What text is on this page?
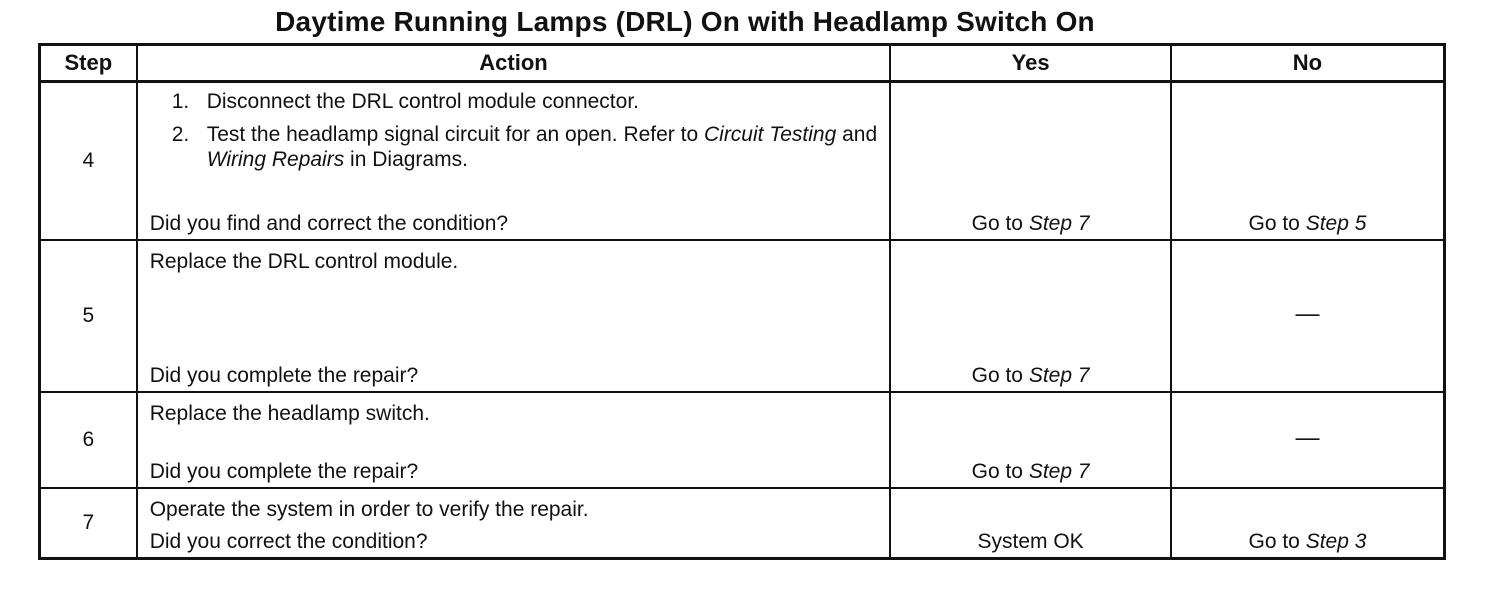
Daytime Running Lamps (DRL) On with Headlamp Switch On
Step	Action	Yes	No
4	1. Disconnect the DRL control module connector.
2. Test the headlamp signal circuit for an open. Refer to Circuit Testing and Wiring Repairs in Diagrams.
Did you find and correct the condition?	Go to Step 7	Go to Step 5

5	Replace the DRL control module.
Did you complete the repair?	Go to Step 7	—

6	Replace the headlamp switch.
Did you complete the repair?	Go to Step 7	—

7	Operate the system in order to verify the repair.
Did you correct the condition?	System OK	Go to Step 3
